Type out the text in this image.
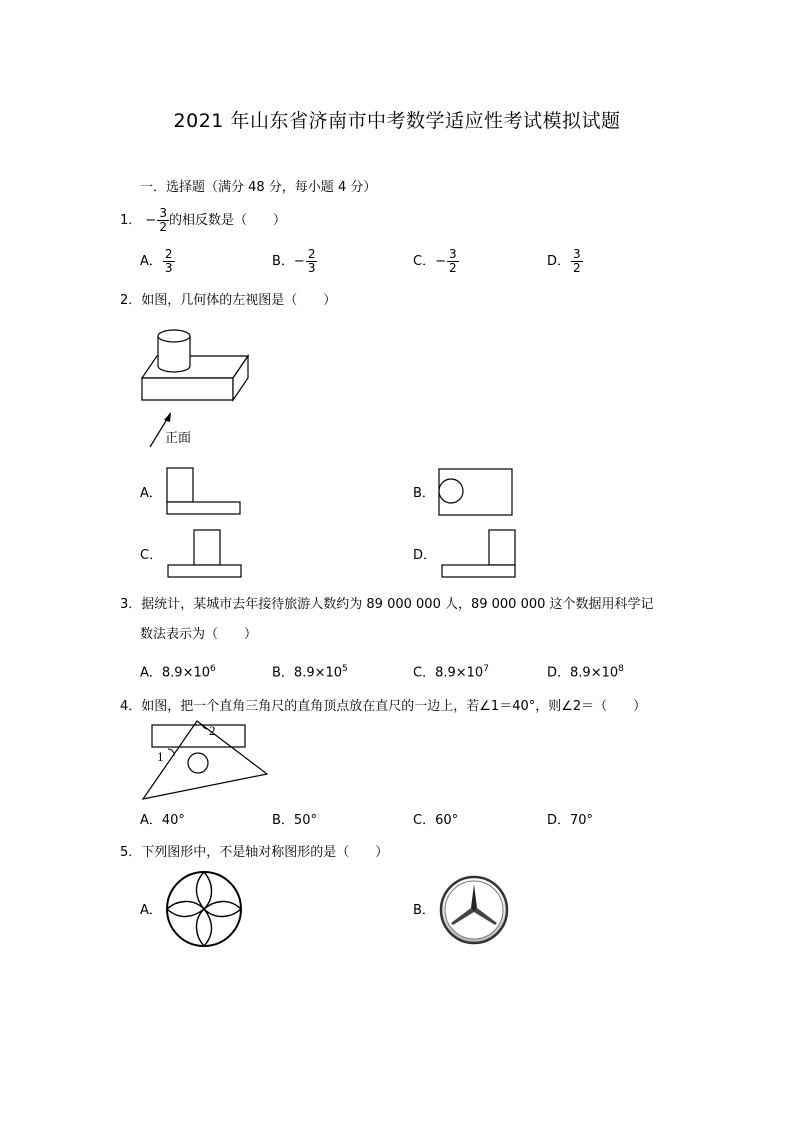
2021 年山东省济南市中考数学适应性考试模拟试题
一．选择题（满分 48 分，每小题 4 分）
1． − $\frac{3}{2}$ 的相反数是（　　）
A． $\frac{2}{3}$	B．− $\frac{2}{3}$	C．− $\frac{3}{2}$	D． $\frac{3}{2}$
2．如图，几何体的左视图是（　　）
正面
A．	B．
C．	D．
3．据统计，某城市去年接待旅游人数约为 89 000 000 人，89 000 000 这个数据用科学记
数法表示为（　　）
A．$8.9\times 10^6$	B．$8.9\times 10^5$	C．$8.9\times 10^7$	D．$8.9\times 10^8$
4．如图，把一个直角三角尺的直角顶点放在直尺的一边上，若∠1＝40°，则∠2＝（　　）
1
2
A．40°	B．50°	C．60°	D．70°
5．下列图形中，不是轴对称图形的是（　　）
A．	B．
